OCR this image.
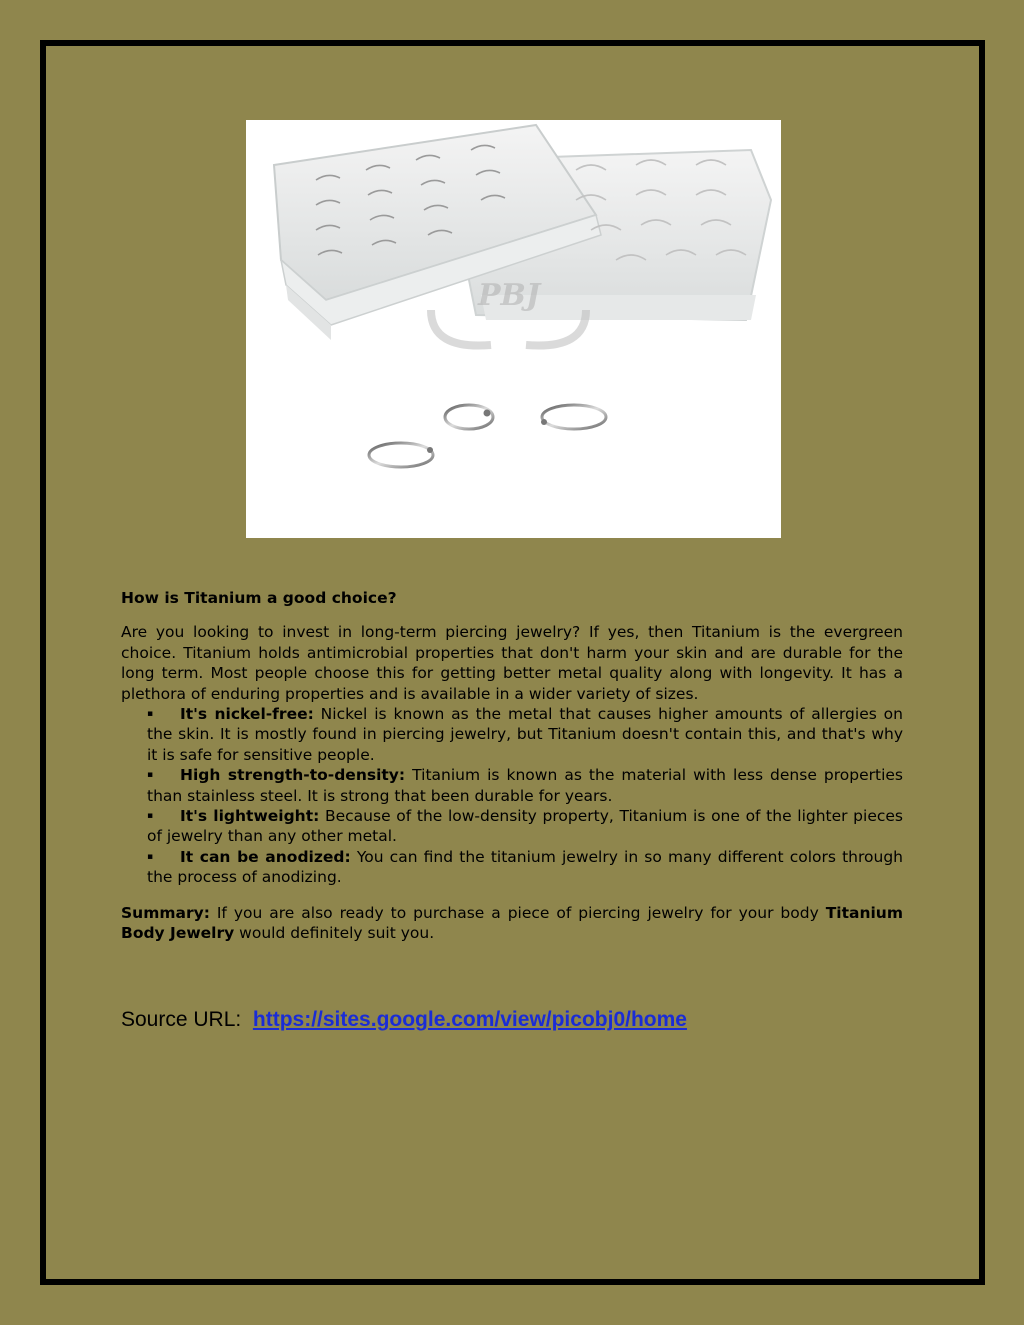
PBJ

How is Titanium a good choice?

Are you looking to invest in long-term piercing jewelry? If yes, then Titanium is the evergreen choice. Titanium holds antimicrobial properties that don't harm your skin and are durable for the long term. Most people choose this for getting better metal quality along with longevity. It has a plethora of enduring properties and is available in a wider variety of sizes.

▪ It's nickel-free: Nickel is known as the metal that causes higher amounts of allergies on the skin. It is mostly found in piercing jewelry, but Titanium doesn't contain this, and that's why it is safe for sensitive people.
▪ High strength-to-density: Titanium is known as the material with less dense properties than stainless steel. It is strong that been durable for years.
▪ It's lightweight: Because of the low-density property, Titanium is one of the lighter pieces of jewelry than any other metal.
▪ It can be anodized: You can find the titanium jewelry in so many different colors through the process of anodizing.

Summary: If you are also ready to purchase a piece of piercing jewelry for your body Titanium Body Jewelry would definitely suit you.

Source URL: https://sites.google.com/view/picobj0/home
